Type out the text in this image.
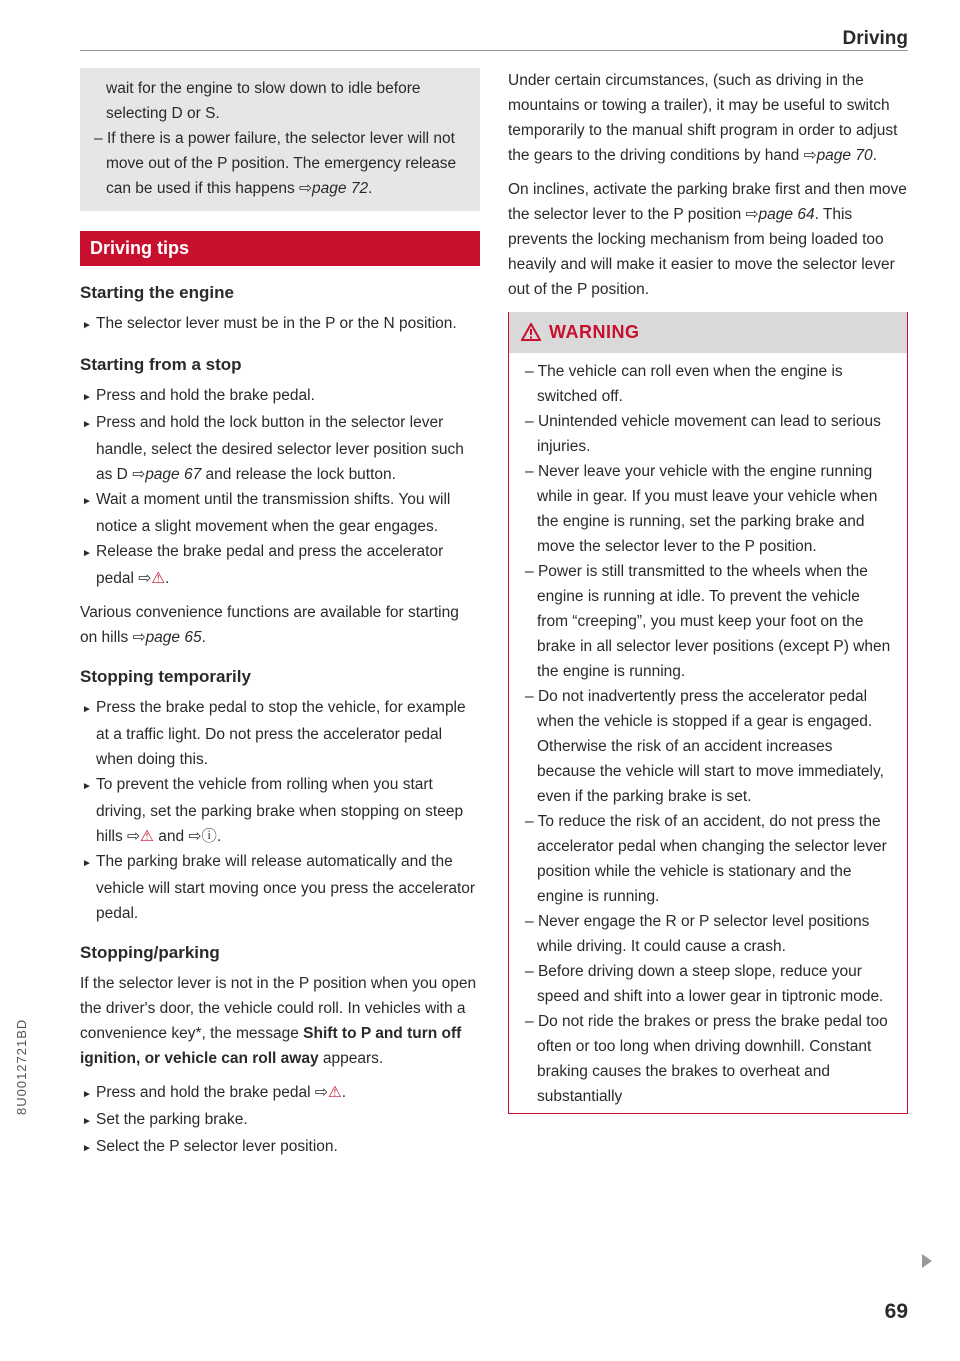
Driving
wait for the engine to slow down to idle before selecting D or S.
– If there is a power failure, the selector lever will not move out of the P position. The emergency release can be used if this happens ⇨page 72.
Driving tips
Starting the engine
► The selector lever must be in the P or the N position.
Starting from a stop
► Press and hold the brake pedal.
► Press and hold the lock button in the selector lever handle, select the desired selector lever position such as D ⇨page 67 and release the lock button.
► Wait a moment until the transmission shifts. You will notice a slight movement when the gear engages.
► Release the brake pedal and press the accelerator pedal ⇨⚠.

Various convenience functions are available for starting on hills ⇨page 65.

Stopping temporarily
► Press the brake pedal to stop the vehicle, for example at a traffic light. Do not press the accelerator pedal when doing this.
► To prevent the vehicle from rolling when you start driving, set the parking brake when stopping on steep hills ⇨⚠ and ⇨ⓘ.
► The parking brake will release automatically and the vehicle will start moving once you press the accelerator pedal.
Stopping/parking

If the selector lever is not in the P position when you open the driver's door, the vehicle could roll. In vehicles with a convenience key*, the message Shift to P and turn off ignition, or vehicle can roll away appears.

► Press and hold the brake pedal ⇨⚠.
► Set the parking brake.
► Select the P selector lever position.

Under certain circumstances, (such as driving in the mountains or towing a trailer), it may be useful to switch temporarily to the manual shift program in order to adjust the gears to the driving conditions by hand ⇨page 70.

On inclines, activate the parking brake first and then move the selector lever to the P position ⇨page 64. This prevents the locking mechanism from being loaded too heavily and will make it easier to move the selector lever out of the P position.

WARNING
– The vehicle can roll even when the engine is switched off.
– Unintended vehicle movement can lead to serious injuries.
– Never leave your vehicle with the engine running while in gear. If you must leave your vehicle when the engine is running, set the parking brake and move the selector lever to the P position.
– Power is still transmitted to the wheels when the engine is running at idle. To prevent the vehicle from “creeping”, you must keep your foot on the brake in all selector lever positions (except P) when the engine is running.
– Do not inadvertently press the accelerator pedal when the vehicle is stopped if a gear is engaged. Otherwise the risk of an accident increases because the vehicle will start to move immediately, even if the parking brake is set.
– To reduce the risk of an accident, do not press the accelerator pedal when changing the selector lever position while the vehicle is stationary and the engine is running.
– Never engage the R or P selector level positions while driving. It could cause a crash.
– Before driving down a steep slope, reduce your speed and shift into a lower gear in tiptronic mode.
– Do not ride the brakes or press the brake pedal too often or too long when driving downhill. Constant braking causes the brakes to overheat and substantially
8U0012721BD
69
